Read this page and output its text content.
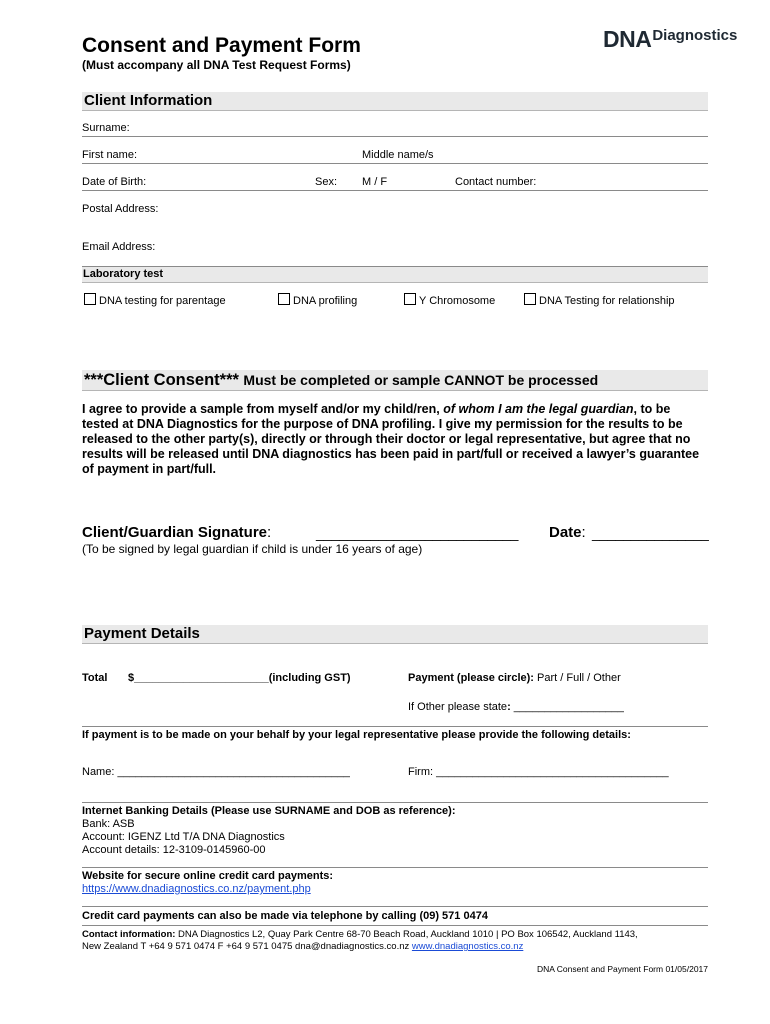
Consent and Payment Form
(Must accompany all DNA Test Request Forms)
DNADiagnostics
Client Information
Surname:
First name:	Middle name/s
Date of Birth:	Sex: M / F	Contact number:
Postal Address:
Email Address:
Laboratory test
DNA testing for parentage	DNA profiling	Y Chromosome	DNA Testing for relationship
***Client Consent*** Must be completed or sample CANNOT be processed
I agree to provide a sample from myself and/or my child/ren, of whom I am the legal guardian, to be tested at DNA Diagnostics for the purpose of DNA profiling. I give my permission for the results to be released to the other party(s), directly or through their doctor or legal representative, but agree that no results will be released until DNA diagnostics has been paid in part/full or received a lawyer’s guarantee of payment in part/full.
Client/Guardian Signature:	__________________________ Date: _______________
(To be signed by legal guardian if child is under 16 years of age)
Payment Details
Total $______________________(including GST)	Payment (please circle): Part / Full / Other
If Other please state: __________________
If payment is to be made on your behalf by your legal representative please provide the following details:
Name: ______________________________________	Firm: ______________________________________
Internet Banking Details (Please use SURNAME and DOB as reference):
Bank: ASB
Account: IGENZ Ltd T/A DNA Diagnostics
Account details: 12-3109-0145960-00
Website for secure online credit card payments:
https://www.dnadiagnostics.co.nz/payment.php
Credit card payments can also be made via telephone by calling (09) 571 0474
Contact information: DNA Diagnostics L2, Quay Park Centre 68-70 Beach Road, Auckland 1010 | PO Box 106542, Auckland 1143,
New Zealand T +64 9 571 0474 F +64 9 571 0475 dna@dnadiagnostics.co.nz www.dnadiagnostics.co.nz
DNA Consent and Payment Form 01/05/2017
